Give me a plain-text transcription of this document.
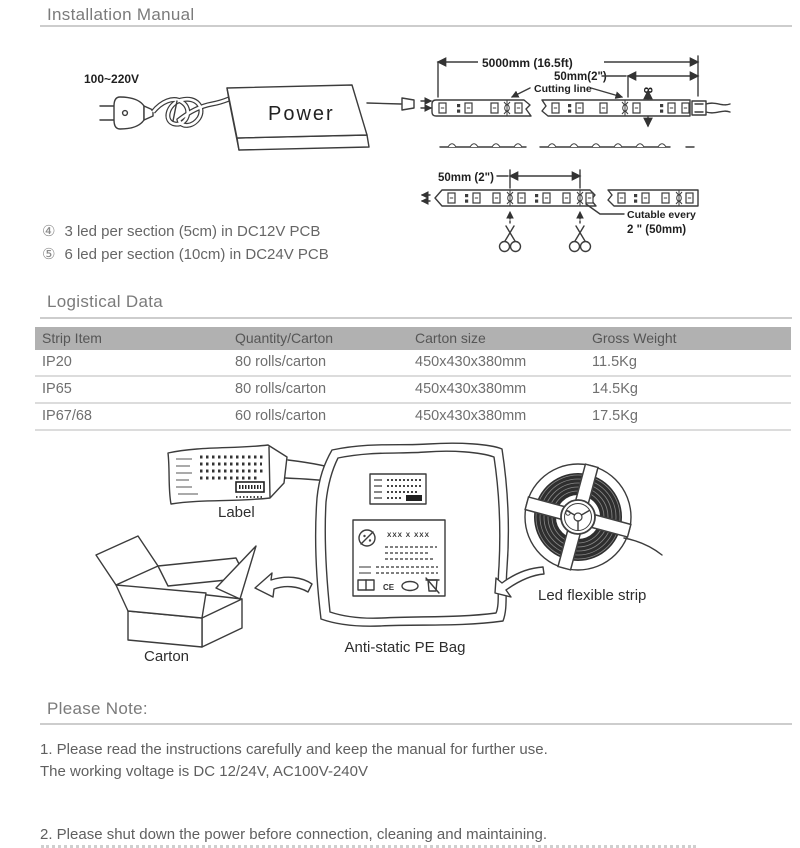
Installation Manual
100~220V
Power
5000mm (16.5ft)
50mm(2")
Cutting line	8
50mm (2")
Cutable every
2 " (50mm)
④ 3 led per section (5cm) in DC12V PCB
⑤ 6 led per section (10cm) in DC24V PCB
Logistical Data
Strip Item	Quantity/Carton	Carton size	Gross Weight
IP20	80 rolls/carton	450x430x380mm	11.5Kg
IP65	80 rolls/carton	450x430x380mm	14.5Kg
IP67/68	60 rolls/carton	450x430x380mm	17.5Kg
Label
Carton
XXX X XXX
CE
Anti-static PE Bag
Led flexible strip
Please Note:

1. Please read the instructions carefully and keep the manual for further use.

The working voltage is DC 12/24V, AC100V-240V

2. Please shut down the power before connection, cleaning and maintaining.
